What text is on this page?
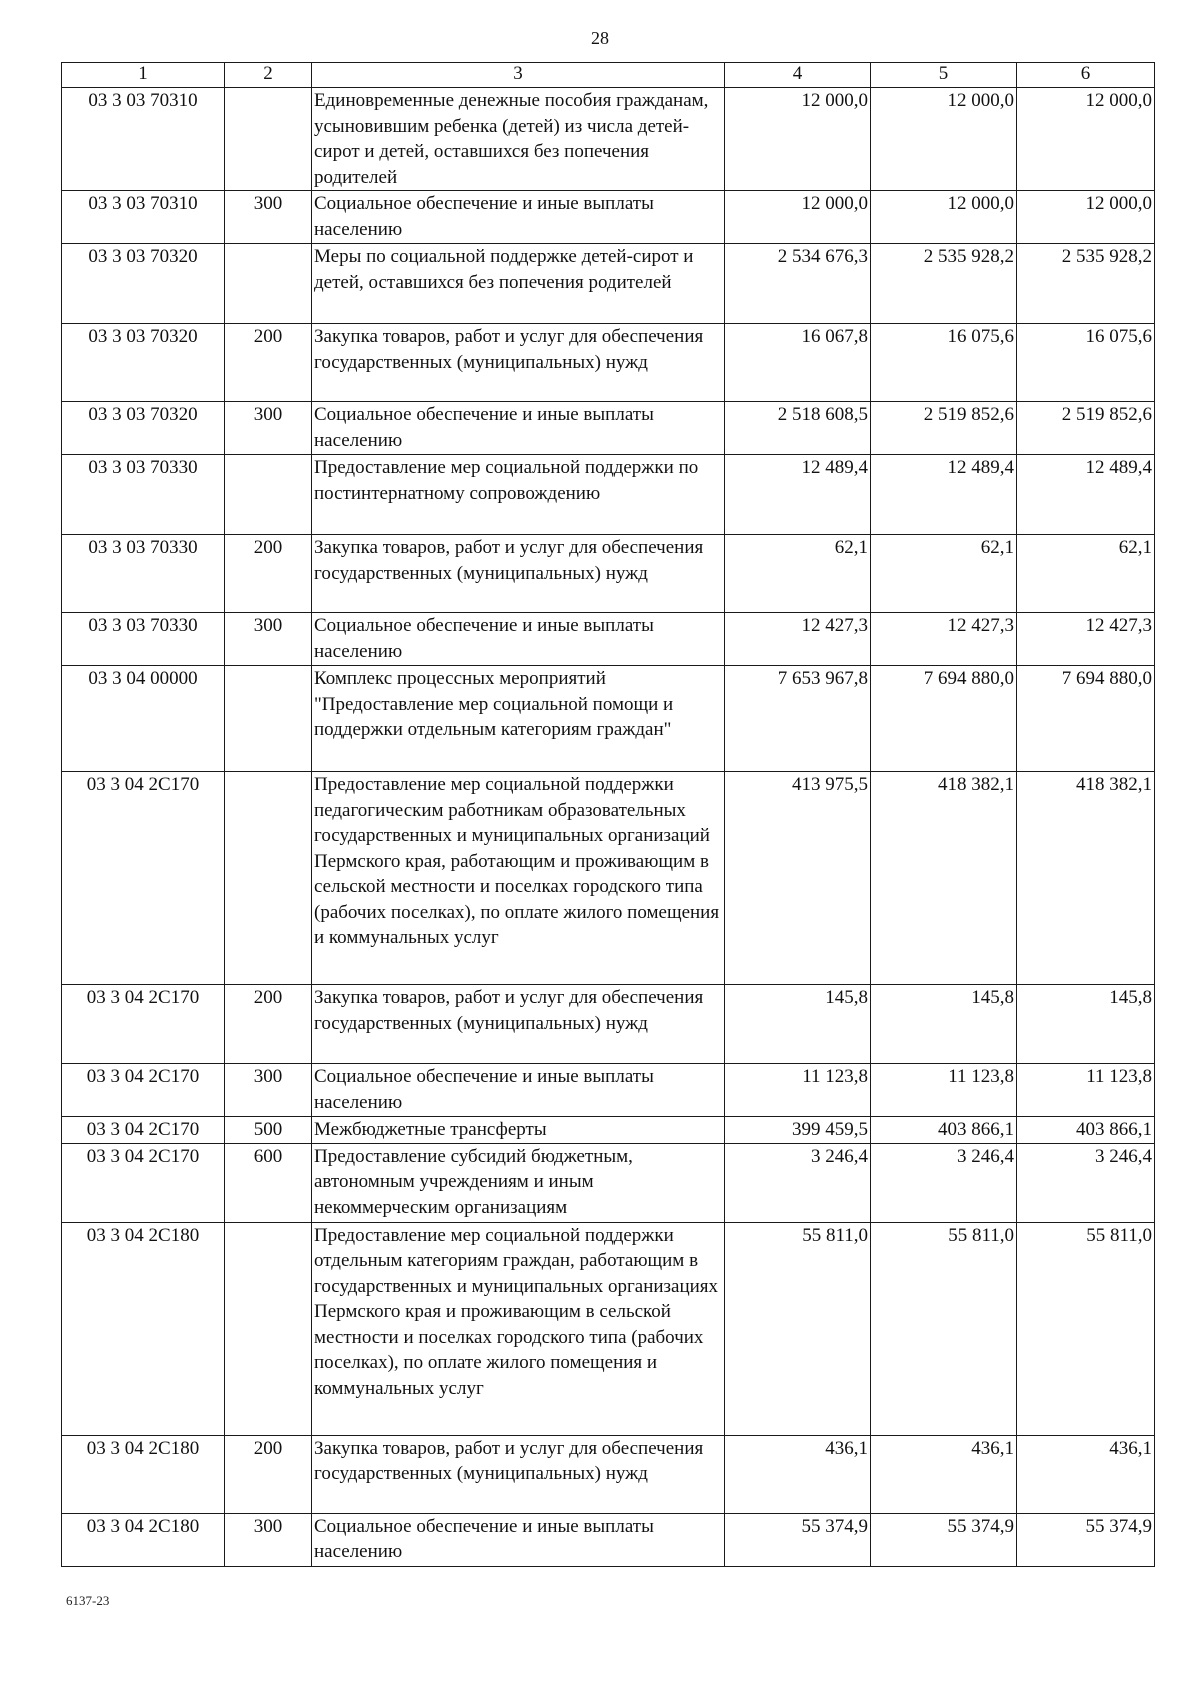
28
1	2	3	4	5	6
03 3 03 70310		Единовременные денежные пособия гражданам, усыновившим ребенка (детей) из числа детей-сирот и детей, оставшихся без попечения родителей	12 000,0	12 000,0	12 000,0
03 3 03 70310	300	Социальное обеспечение и иные выплаты населению	12 000,0	12 000,0	12 000,0
03 3 03 70320		Меры по социальной поддержке детей-сирот и детей, оставшихся без попечения родителей	2 534 676,3	2 535 928,2	2 535 928,2
03 3 03 70320	200	Закупка товаров, работ и услуг для обеспечения государственных (муниципальных) нужд	16 067,8	16 075,6	16 075,6
03 3 03 70320	300	Социальное обеспечение и иные выплаты населению	2 518 608,5	2 519 852,6	2 519 852,6
03 3 03 70330		Предоставление мер социальной поддержки по постинтернатному сопровождению	12 489,4	12 489,4	12 489,4
03 3 03 70330	200	Закупка товаров, работ и услуг для обеспечения государственных (муниципальных) нужд	62,1	62,1	62,1
03 3 03 70330	300	Социальное обеспечение и иные выплаты населению	12 427,3	12 427,3	12 427,3
03 3 04 00000		Комплекс процессных мероприятий "Предоставление мер социальной помощи и поддержки отдельным категориям граждан"	7 653 967,8	7 694 880,0	7 694 880,0
03 3 04 2С170		Предоставление мер социальной поддержки педагогическим работникам образовательных государственных и муниципальных организаций Пермского края, работающим и проживающим в сельской местности и поселках городского типа (рабочих поселках), по оплате жилого помещения и коммунальных услуг	413 975,5	418 382,1	418 382,1
03 3 04 2С170	200	Закупка товаров, работ и услуг для обеспечения государственных (муниципальных) нужд	145,8	145,8	145,8
03 3 04 2С170	300	Социальное обеспечение и иные выплаты населению	11 123,8	11 123,8	11 123,8
03 3 04 2С170	500	Межбюджетные трансферты	399 459,5	403 866,1	403 866,1
03 3 04 2С170	600	Предоставление субсидий бюджетным, автономным учреждениям и иным некоммерческим организациям	3 246,4	3 246,4	3 246,4
03 3 04 2С180		Предоставление мер социальной поддержки отдельным категориям граждан, работающим в государственных и муниципальных организациях Пермского края и проживающим в сельской местности и поселках городского типа (рабочих поселках), по оплате жилого помещения и коммунальных услуг	55 811,0	55 811,0	55 811,0
03 3 04 2С180	200	Закупка товаров, работ и услуг для обеспечения государственных (муниципальных) нужд	436,1	436,1	436,1
03 3 04 2С180	300	Социальное обеспечение и иные выплаты населению	55 374,9	55 374,9	55 374,9
6137-23
